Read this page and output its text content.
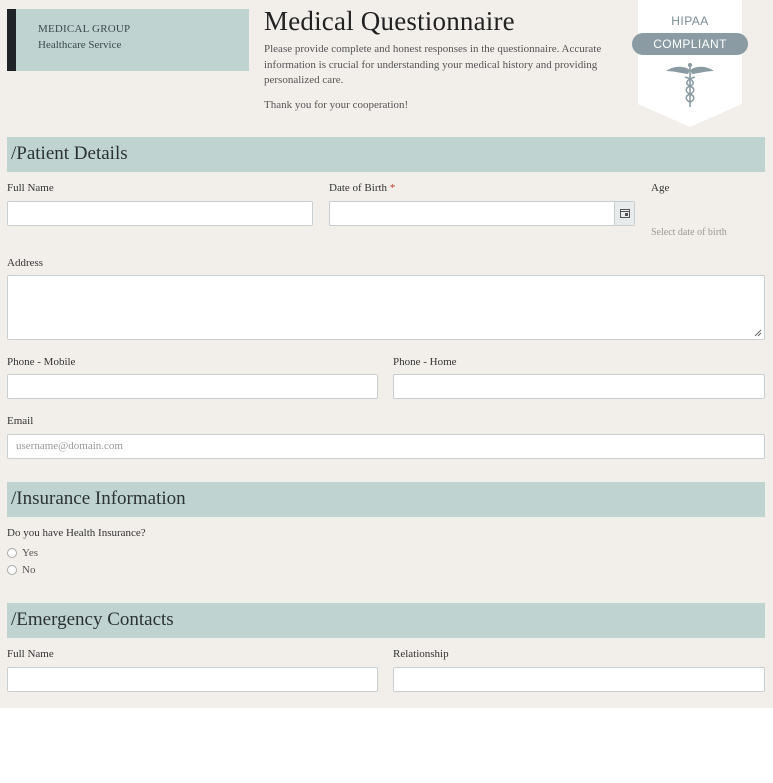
MEDICAL GROUP
Healthcare Service
Medical Questionnaire
Please provide complete and honest responses in the questionnaire. Accurate information is crucial for understanding your medical history and providing personalized care.
Thank you for your cooperation!
HIPAA
COMPLIANT
/Patient Details
Full Name	Date of Birth *	Age
Select date of birth
Address
Phone - Mobile	Phone - Home
Email
username@domain.com
/Insurance Information
Do you have Health Insurance?
Yes
No
/Emergency Contacts
Full Name	Relationship
